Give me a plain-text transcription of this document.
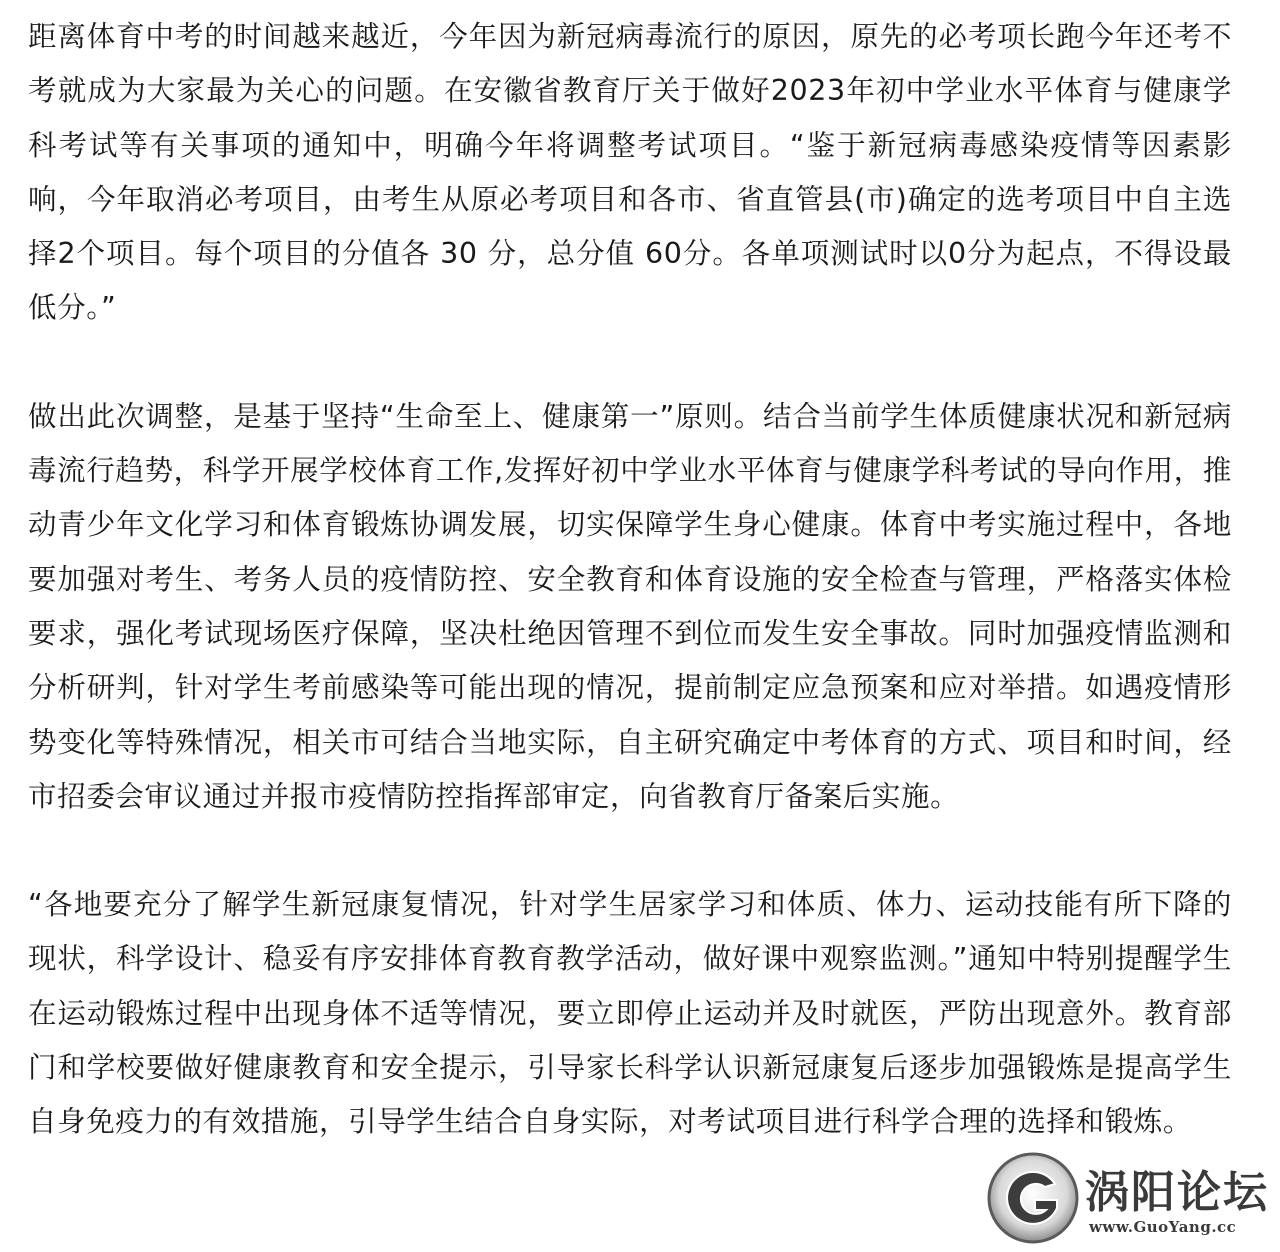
距离体育中考的时间越来越近，今年因为新冠病毒流行的原因，原先的必考项长跑今年还考不考就成为大家最为关心的问题。在安徽省教育厅关于做好2023年初中学业水平体育与健康学科考试等有关事项的通知中，明确今年将调整考试项目。“鉴于新冠病毒感染疫情等因素影响，今年取消必考项目，由考生从原必考项目和各市、省直管县(市)确定的选考项目中自主选择2个项目。每个项目的分值各 30 分，总分值 60分。各单项测试时以0分为起点，不得设最低分。”

做出此次调整，是基于坚持“生命至上、健康第一”原则。结合当前学生体质健康状况和新冠病毒流行趋势，科学开展学校体育工作,发挥好初中学业水平体育与健康学科考试的导向作用，推动青少年文化学习和体育锻炼协调发展，切实保障学生身心健康。体育中考实施过程中，各地要加强对考生、考务人员的疫情防控、安全教育和体育设施的安全检查与管理，严格落实体检要求，强化考试现场医疗保障，坚决杜绝因管理不到位而发生安全事故。同时加强疫情监测和分析研判，针对学生考前感染等可能出现的情况，提前制定应急预案和应对举措。如遇疫情形势变化等特殊情况，相关市可结合当地实际，自主研究确定中考体育的方式、项目和时间，经市招委会审议通过并报市疫情防控指挥部审定，向省教育厅备案后实施。

“各地要充分了解学生新冠康复情况，针对学生居家学习和体质、体力、运动技能有所下降的现状，科学设计、稳妥有序安排体育教育教学活动，做好课中观察监测。”通知中特别提醒学生在运动锻炼过程中出现身体不适等情况，要立即停止运动并及时就医，严防出现意外。教育部门和学校要做好健康教育和安全提示，引导家长科学认识新冠康复后逐步加强锻炼是提高学生自身免疫力的有效措施，引导学生结合自身实际，对考试项目进行科学合理的选择和锻炼。

涡阳论坛
www.GuoYang.cc
